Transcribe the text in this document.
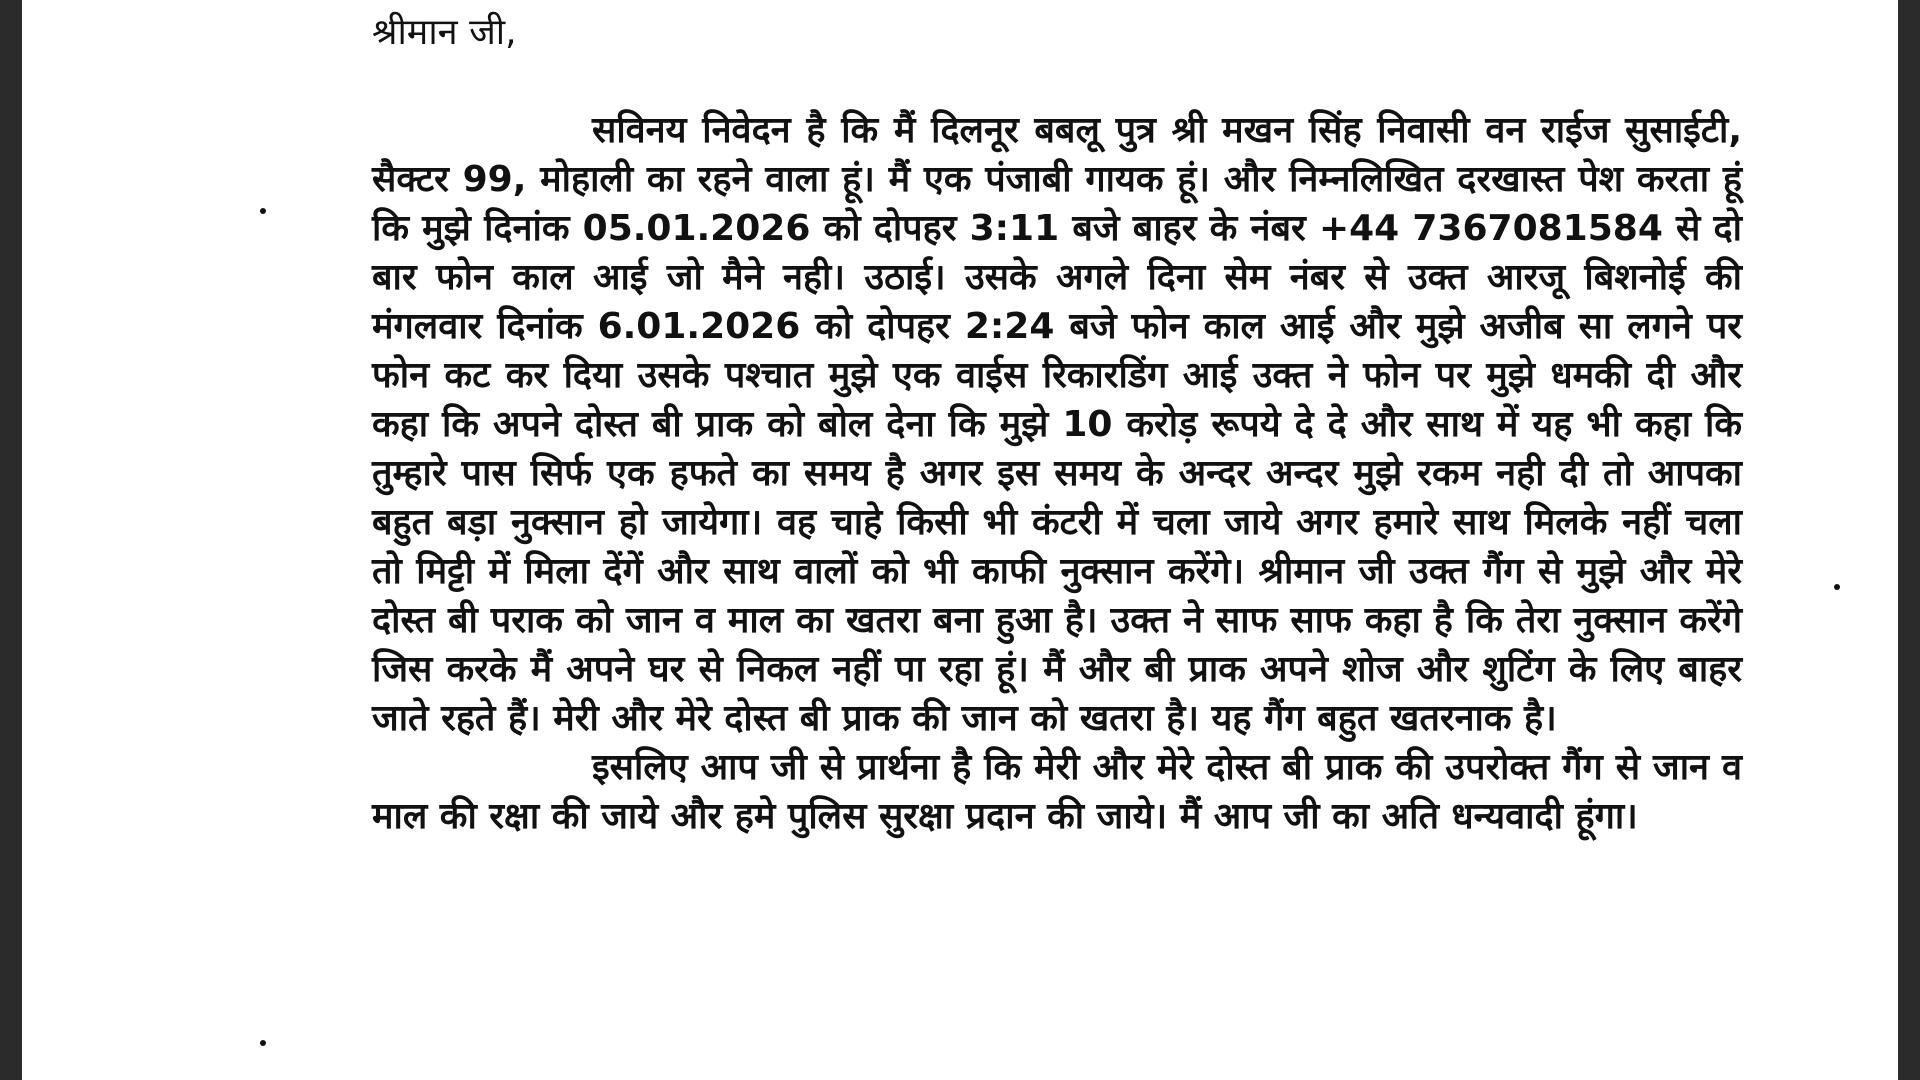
श्रीमान जी,

सविनय निवेदन है कि मैं दिलनूर बबलू पुत्र श्री मखन सिंह निवासी वन राईज सुसाईटी, सैक्टर 99, मोहाली का रहने वाला हूं। मैं एक पंजाबी गायक हूं। और निम्नलिखित दरखास्त पेश करता हूं कि मुझे दिनांक 05.01.2026 को दोपहर 3:11 बजे बाहर के नंबर +44 7367081584 से दो बार फोन काल आई जो मैने नही। उठाई। उसके अगले दिना सेम नंबर से उक्त आरजू बिशनोई की मंगलवार दिनांक 6.01.2026 को दोपहर 2:24 बजे फोन काल आई और मुझे अजीब सा लगने पर फोन कट कर दिया उसके पश्चात मुझे एक वाईस रिकारडिंग आई उक्त ने फोन पर मुझे धमकी दी और कहा कि अपने दोस्त बी प्राक को बोल देना कि मुझे 10 करोड़ रूपये दे दे और साथ में यह भी कहा कि तुम्हारे पास सिर्फ एक हफते का समय है अगर इस समय के अन्दर अन्दर मुझे रकम नही दी तो आपका बहुत बड़ा नुक्सान हो जायेगा। वह चाहे किसी भी कंटरी में चला जाये अगर हमारे साथ मिलके नहीं चला तो मिट्टी में मिला देंगें और साथ वालों को भी काफी नुक्सान करेंगे। श्रीमान जी उक्त गैंग से मुझे और मेरे दोस्त बी पराक को जान व माल का खतरा बना हुआ है। उक्त ने साफ साफ कहा है कि तेरा नुक्सान करेंगे जिस करके मैं अपने घर से निकल नहीं पा रहा हूं। मैं और बी प्राक अपने शोज और शुटिंग के लिए बाहर जाते रहते हैं। मेरी और मेरे दोस्त बी प्राक की जान को खतरा है। यह गैंग बहुत खतरनाक है।

इसलिए आप जी से प्रार्थना है कि मेरी और मेरे दोस्त बी प्राक की उपरोक्त गैंग से जान व माल की रक्षा की जाये और हमे पुलिस सुरक्षा प्रदान की जाये। मैं आप जी का अति धन्यवादी हूंगा।
